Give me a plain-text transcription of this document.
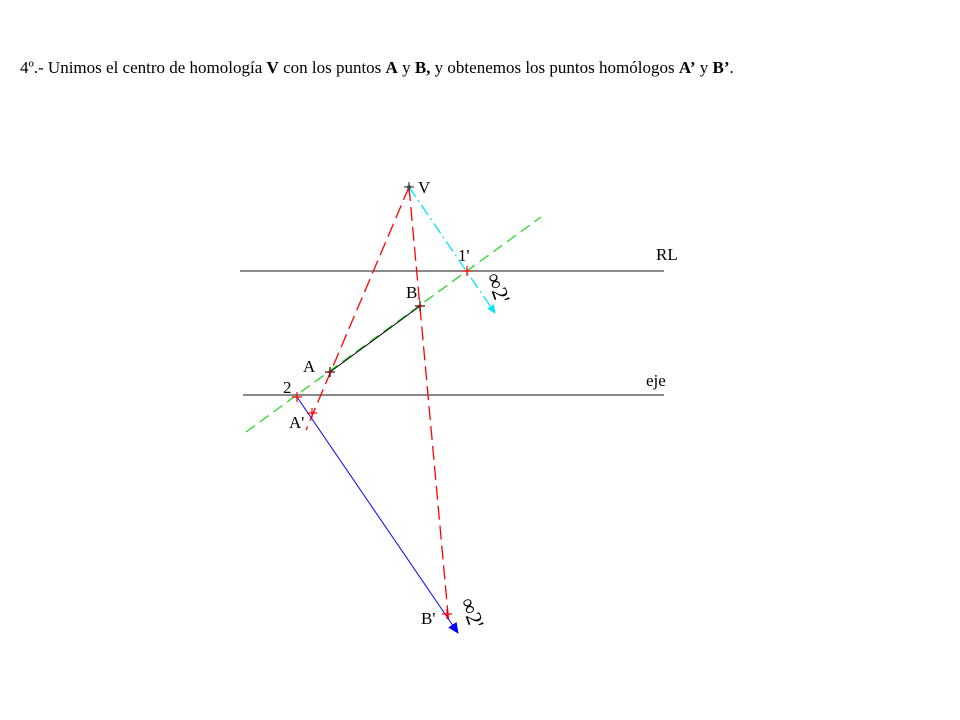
4º.- Unimos el centro de homología V con los puntos A y B, y obtenemos los puntos homólogos A’ y B’.
V
1'	RL
B	∞2'
A
2	eje
A'
B' ∞2'
